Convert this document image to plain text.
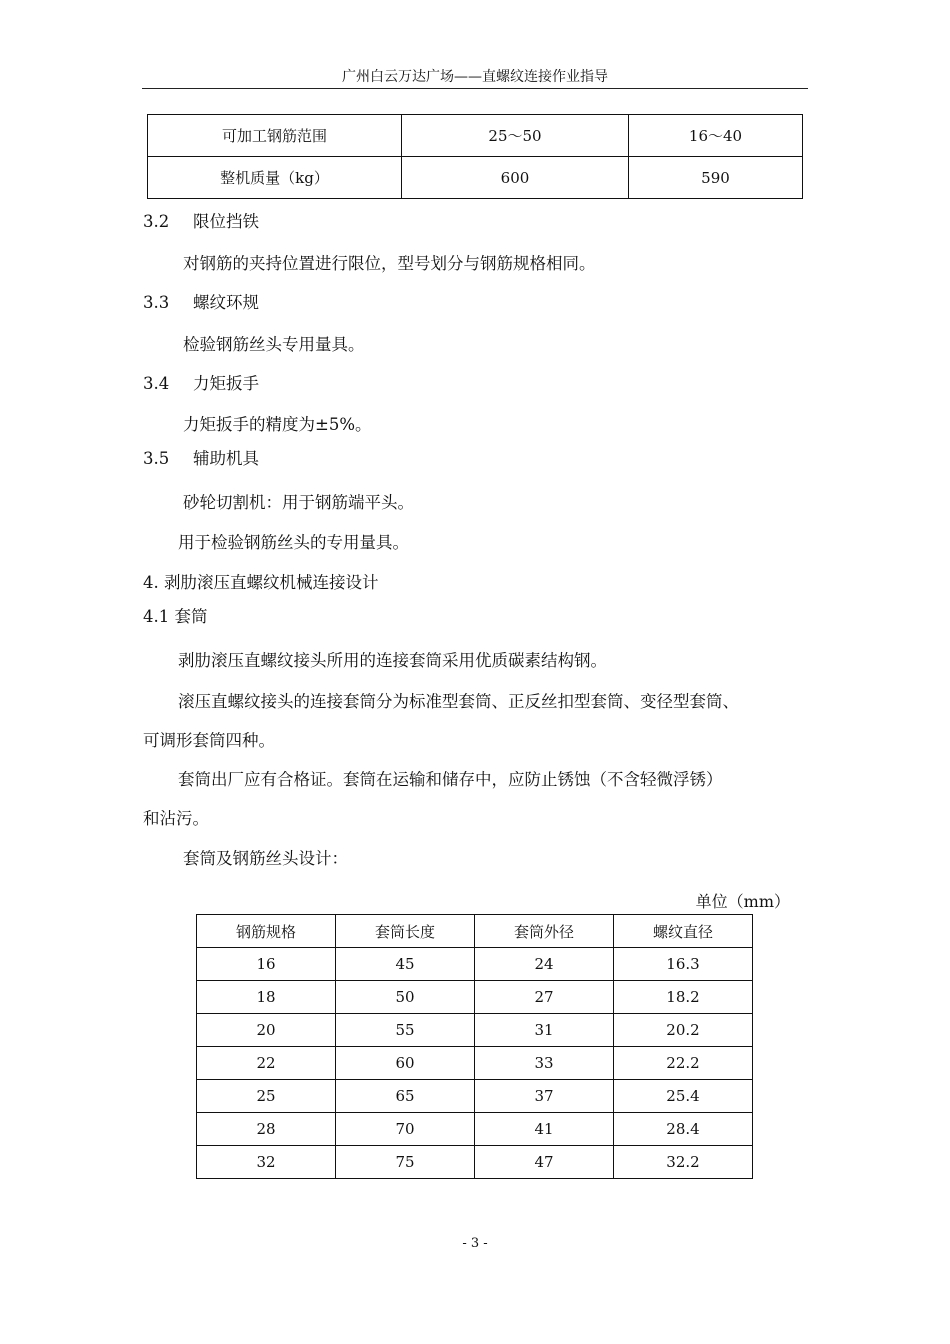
广州白云万达广场——直螺纹连接作业指导
可加工钢筋范围	25～50	16～40
整机质量（kg）	600	590
3.2 限位挡铁
对钢筋的夹持位置进行限位，型号划分与钢筋规格相同。
3.3 螺纹环规
检验钢筋丝头专用量具。
3.4 力矩扳手
力矩扳手的精度为±5%。
3.5 辅助机具
砂轮切割机：用于钢筋端平头。
用于检验钢筋丝头的专用量具。
4. 剥肋滚压直螺纹机械连接设计
4.1 套筒
剥肋滚压直螺纹接头所用的连接套筒采用优质碳素结构钢。
滚压直螺纹接头的连接套筒分为标准型套筒、正反丝扣型套筒、变径型套筒、
可调形套筒四种。
套筒出厂应有合格证。套筒在运输和储存中，应防止锈蚀（不含轻微浮锈）
和沾污。
套筒及钢筋丝头设计：
单位（mm）
钢筋规格	套筒长度	套筒外径	螺纹直径
16	45	24	16.3
18	50	27	18.2
20	55	31	20.2
22	60	33	22.2
25	65	37	25.4
28	70	41	28.4
32	75	47	32.2
- 3 -
